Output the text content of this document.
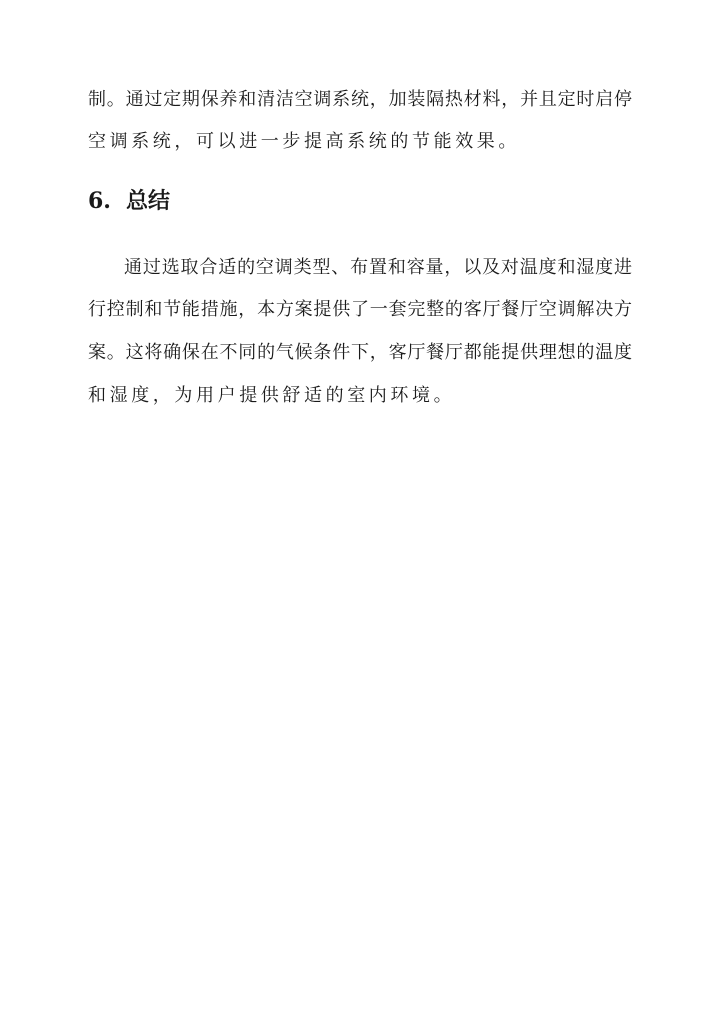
制。通过定期保养和清洁空调系统，加装隔热材料，并且定时启停
空调系统，可以进一步提高系统的节能效果。
6. 总结
通过选取合适的空调类型、布置和容量，以及对温度和湿度进
行控制和节能措施，本方案提供了一套完整的客厅餐厅空调解决方
案。这将确保在不同的气候条件下，客厅餐厅都能提供理想的温度
和湿度，为用户提供舒适的室内环境。
